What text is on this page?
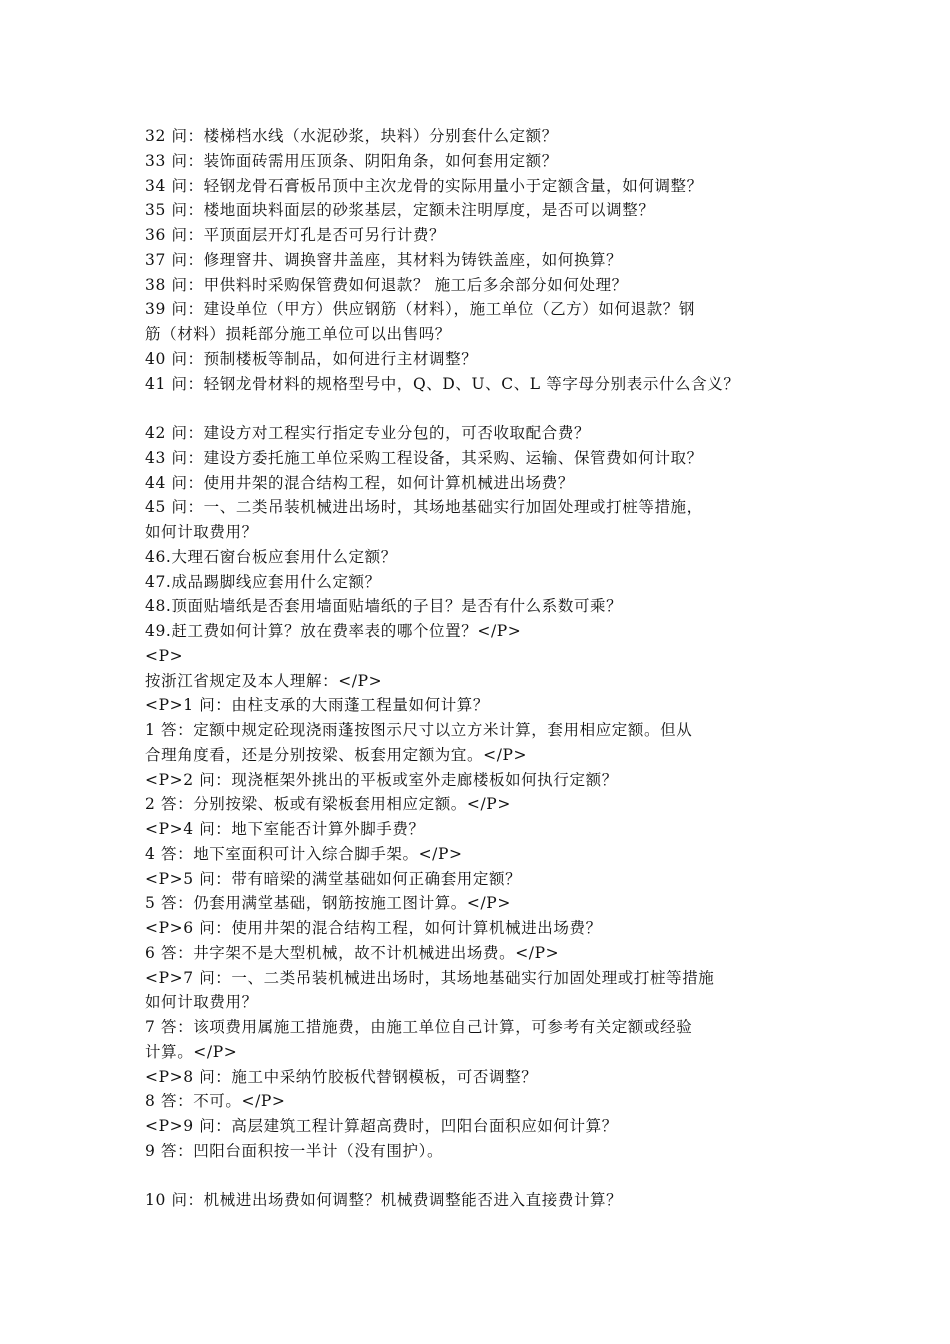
32 问：楼梯档水线（水泥砂浆，块料）分别套什么定额？
33 问：装饰面砖需用压顶条、阴阳角条，如何套用定额？
34 问：轻钢龙骨石膏板吊顶中主次龙骨的实际用量小于定额含量，如何调整？
35 问：楼地面块料面层的砂浆基层，定额未注明厚度，是否可以调整？
36 问：平顶面层开灯孔是否可另行计费？
37 问：修理窨井、调换窨井盖座，其材料为铸铁盖座，如何换算？
38 问：甲供料时采购保管费如何退款？ 施工后多余部分如何处理？
39 问：建设单位（甲方）供应钢筋（材料），施工单位（乙方）如何退款？钢
筋（材料）损耗部分施工单位可以出售吗？
40 问：预制楼板等制品，如何进行主材调整？
41 问：轻钢龙骨材料的规格型号中，Q、D、U、C、L 等字母分别表示什么含义？
42 问：建设方对工程实行指定专业分包的，可否收取配合费？
43 问：建设方委托施工单位采购工程设备，其采购、运输、保管费如何计取？
44 问：使用井架的混合结构工程，如何计算机械进出场费？
45 问：一、二类吊装机械进出场时，其场地基础实行加固处理或打桩等措施，
如何计取费用？
46.大理石窗台板应套用什么定额？
47.成品踢脚线应套用什么定额？
48.顶面贴墙纸是否套用墙面贴墙纸的子目？是否有什么系数可乘？
49.赶工费如何计算？放在费率表的哪个位置？</P>
<P>
按浙江省规定及本人理解：</P>
<P>1 问：由柱支承的大雨蓬工程量如何计算？
1 答：定额中规定砼现浇雨蓬按图示尺寸以立方米计算，套用相应定额。但从
合理角度看，还是分别按梁、板套用定额为宜。</P>
<P>2 问：现浇框架外挑出的平板或室外走廊楼板如何执行定额？
2 答：分别按梁、板或有梁板套用相应定额。</P>
<P>4 问：地下室能否计算外脚手费？
4 答：地下室面积可计入综合脚手架。</P>
<P>5 问：带有暗梁的满堂基础如何正确套用定额？
5 答：仍套用满堂基础，钢筋按施工图计算。</P>
<P>6 问：使用井架的混合结构工程，如何计算机械进出场费？
6 答：井字架不是大型机械，故不计机械进出场费。</P>
<P>7 问：一、二类吊装机械进出场时，其场地基础实行加固处理或打桩等措施
如何计取费用？
7 答：该项费用属施工措施费，由施工单位自己计算，可参考有关定额或经验
计算。</P>
<P>8 问：施工中采纳竹胶板代替钢模板，可否调整？
8 答：不可。</P>
<P>9 问：高层建筑工程计算超高费时，凹阳台面积应如何计算？
9 答：凹阳台面积按一半计（没有围护）。
10 问：机械进出场费如何调整？机械费调整能否进入直接费计算？
